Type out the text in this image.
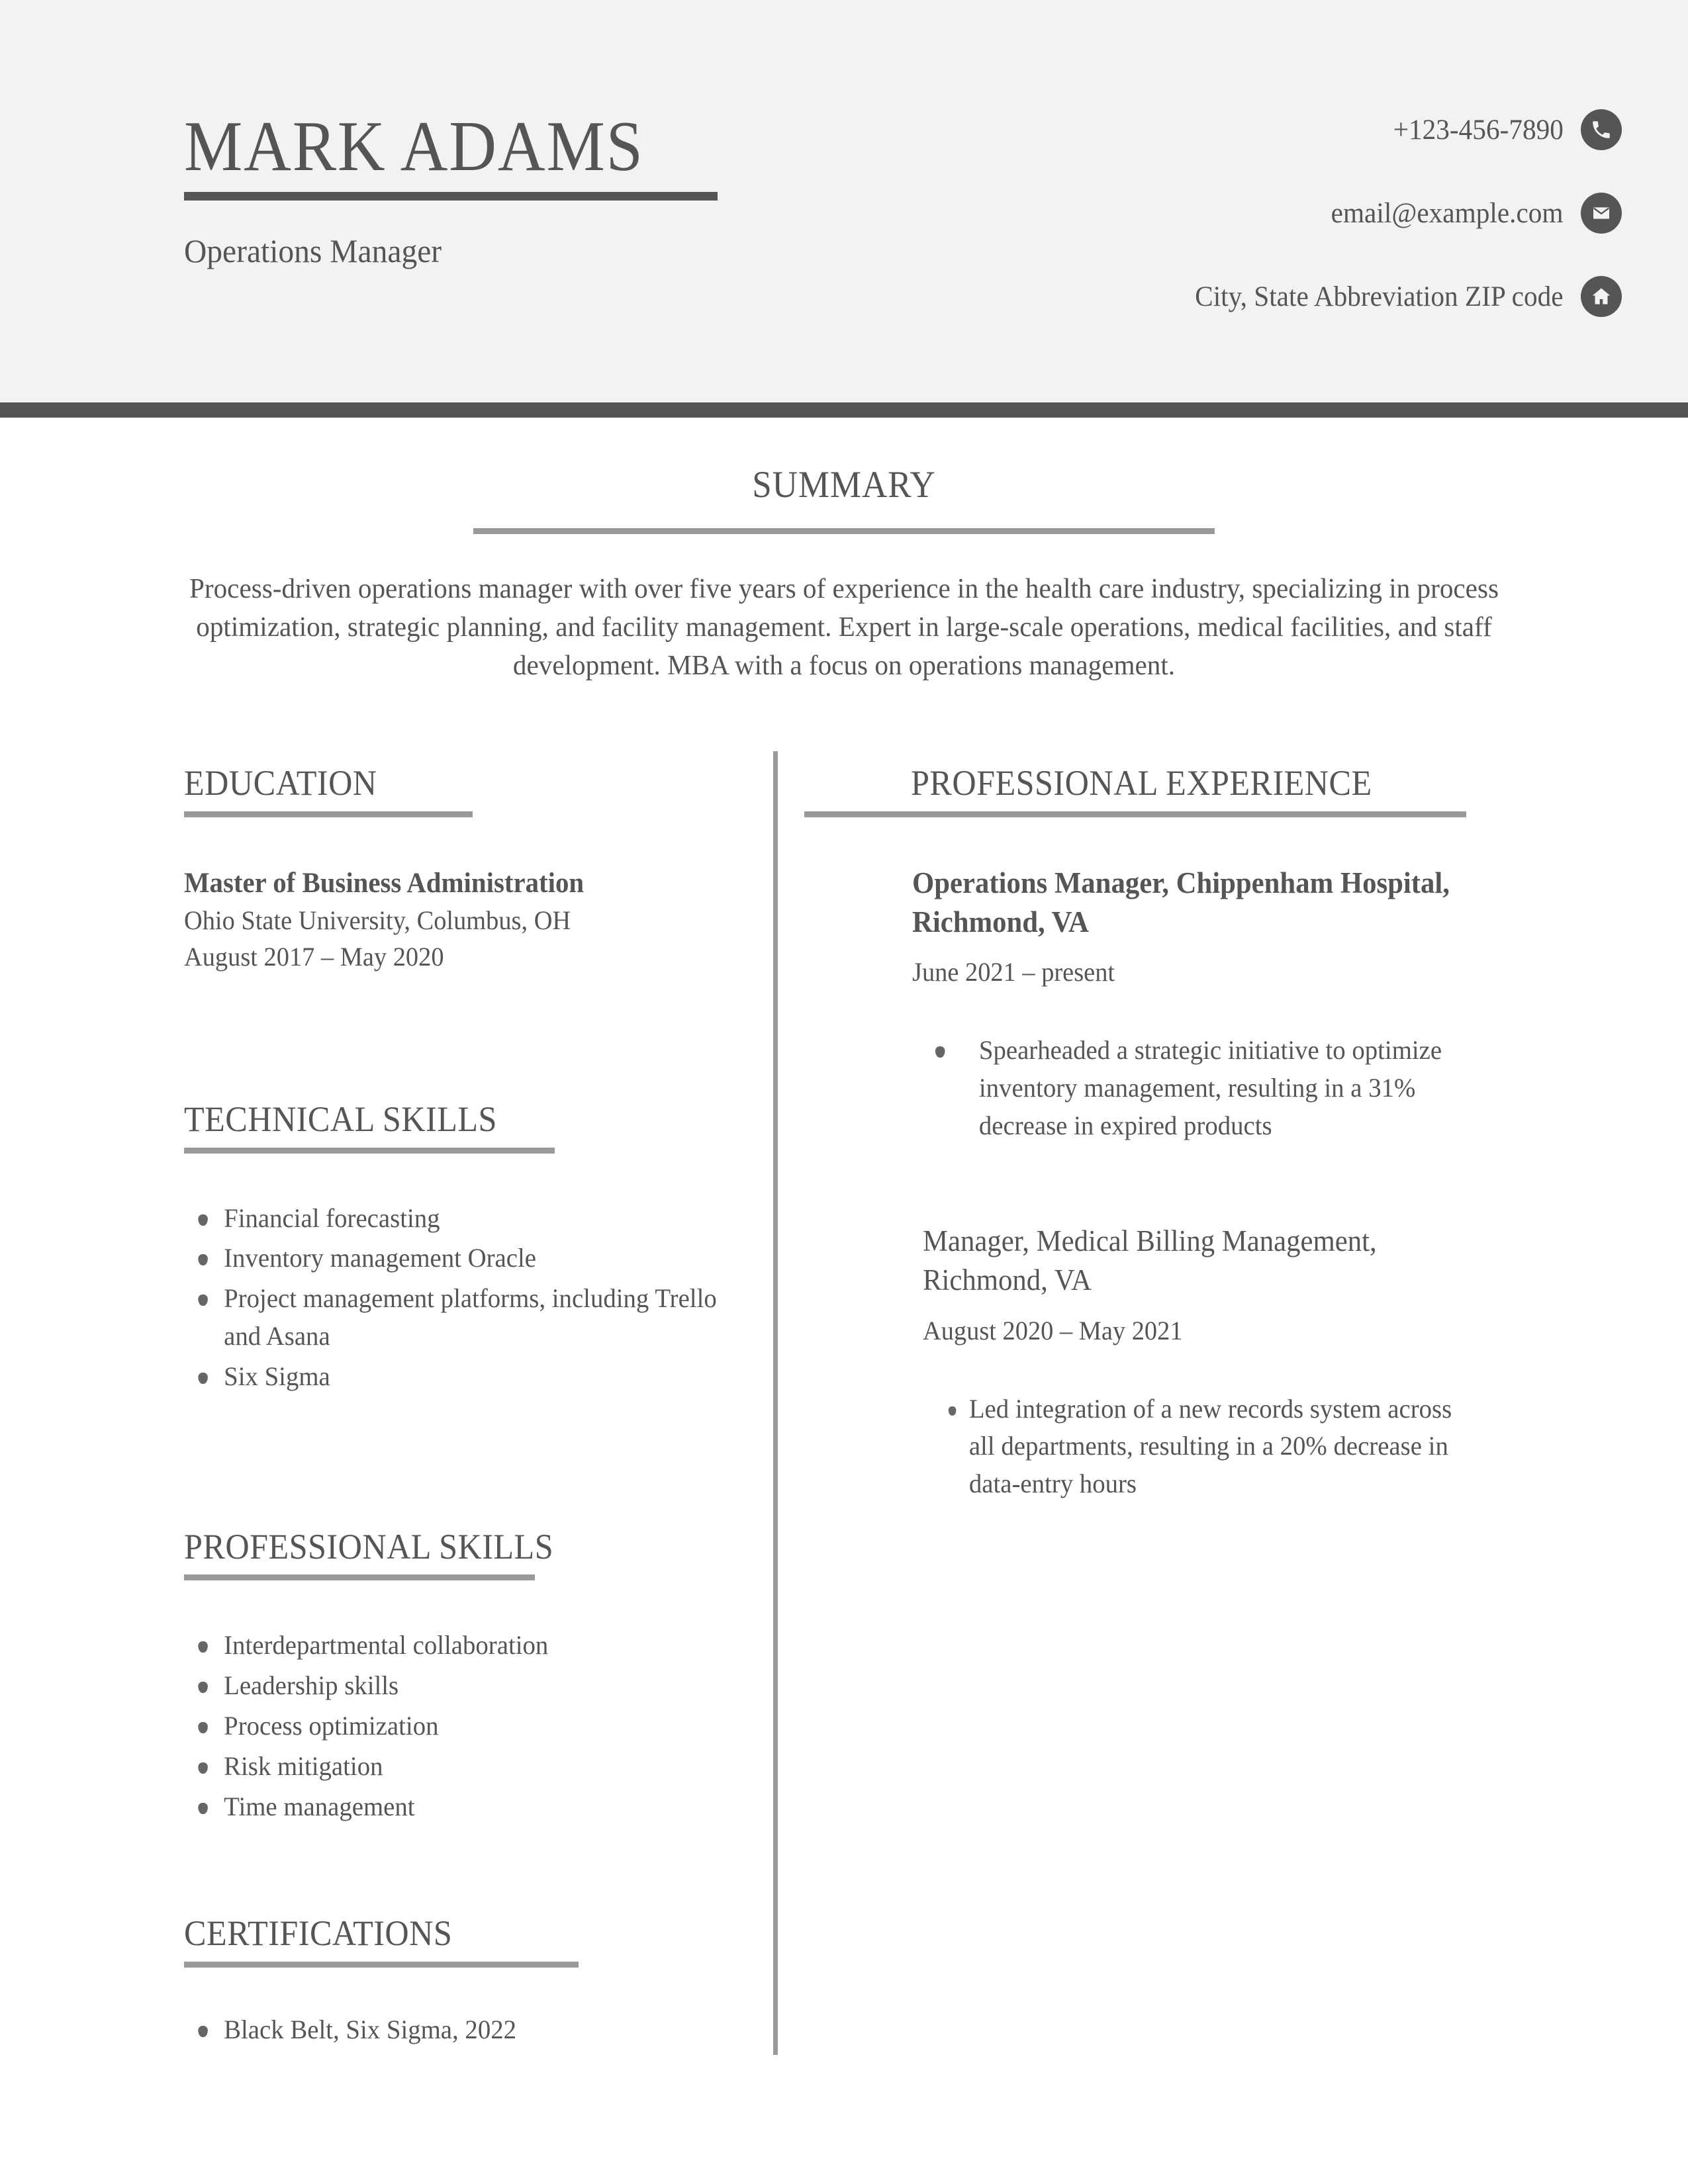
MARK ADAMS
Operations Manager
+123-456-7890
email@example.com
City, State Abbreviation ZIP code
SUMMARY
Process-driven operations manager with over five years of experience in the health care industry, specializing in process optimization, strategic planning, and facility management. Expert in large-scale operations, medical facilities, and staff development. MBA with a focus on operations management.
EDUCATION
Master of Business Administration
Ohio State University, Columbus, OH
August 2017 – May 2020
TECHNICAL SKILLS
Financial forecasting
Inventory management Oracle
Project management platforms, including Trello and Asana
Six Sigma
PROFESSIONAL SKILLS
Interdepartmental collaboration
Leadership skills
Process optimization
Risk mitigation
Time management
CERTIFICATIONS
Black Belt, Six Sigma, 2022
PROFESSIONAL EXPERIENCE
Operations Manager, Chippenham Hospital, Richmond, VA
June 2021 – present
Spearheaded a strategic initiative to optimize inventory management, resulting in a 31% decrease in expired products
Manager, Medical Billing Management, Richmond, VA
August 2020 – May 2021
Led integration of a new records system across all departments, resulting in a 20% decrease in data-entry hours
